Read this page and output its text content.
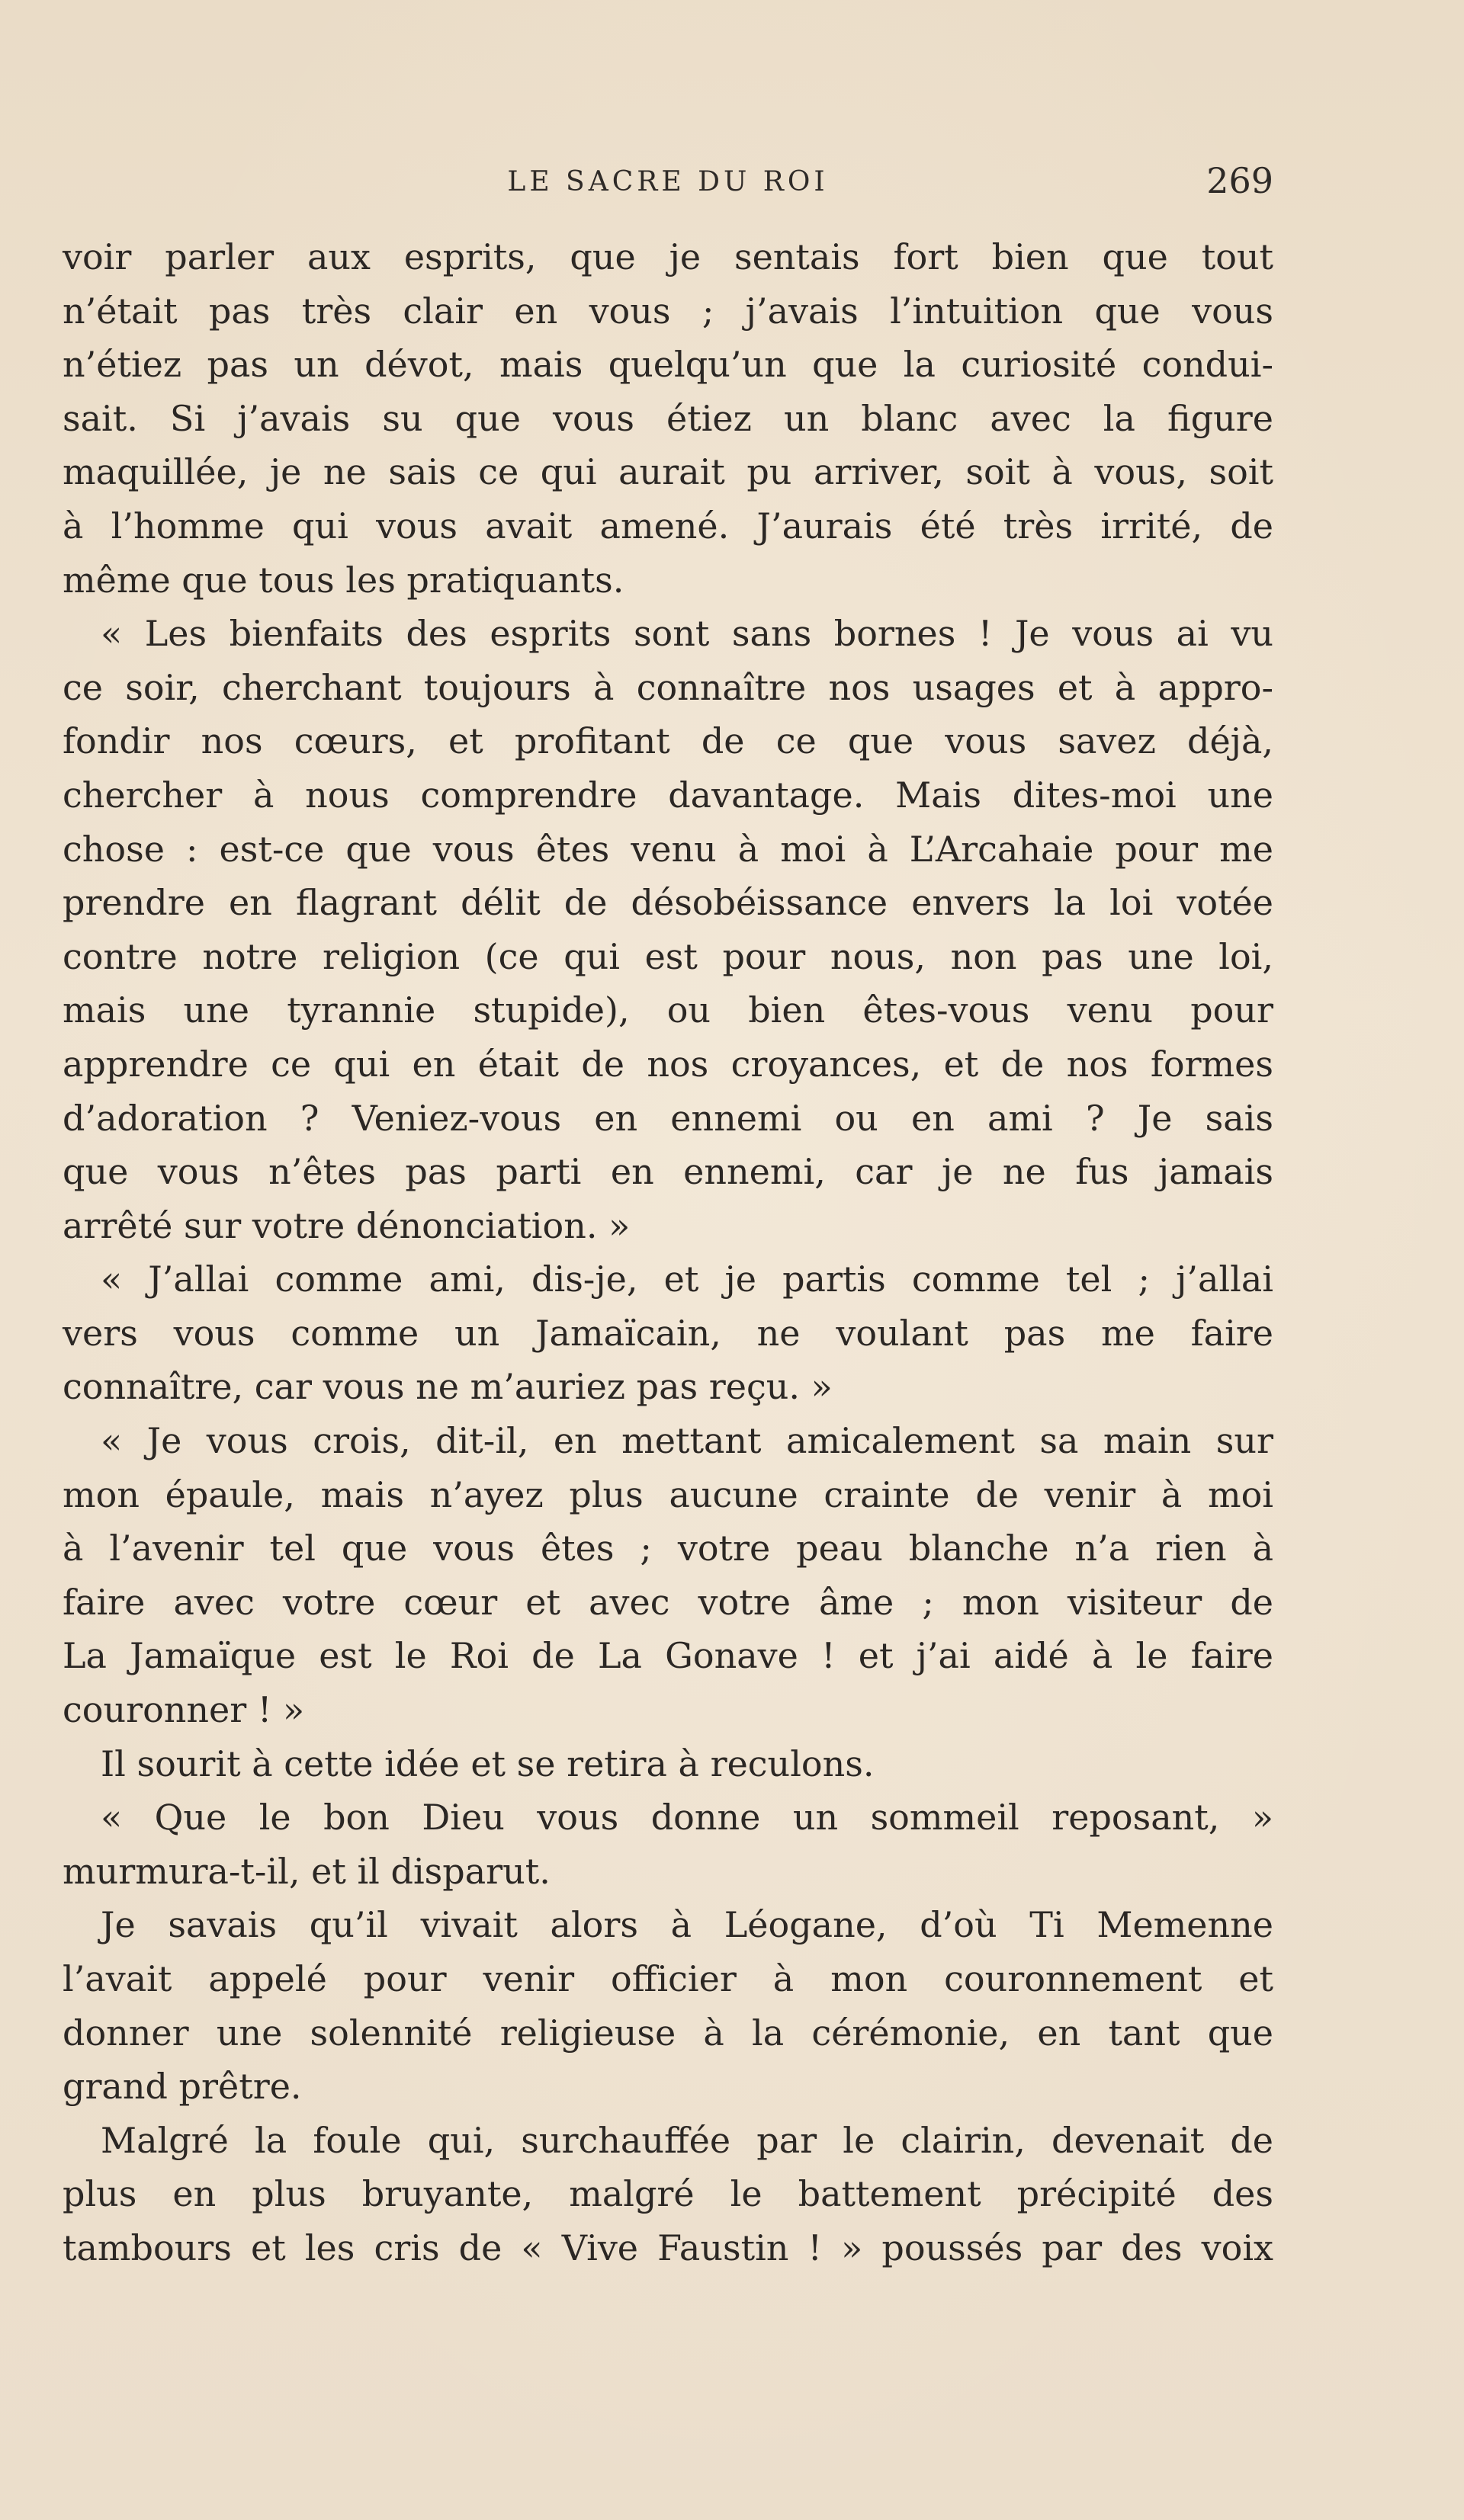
LE SACRE DU ROI	269
voir parler aux esprits, que je sentais fort bien que tout
n’était pas très clair en vous ; j’avais l’intuition que vous
n’étiez pas un dévot, mais quelqu’un que la curiosité condui-
sait. Si j’avais su que vous étiez un blanc avec la figure
maquillée, je ne sais ce qui aurait pu arriver, soit à vous, soit
à l’homme qui vous avait amené. J’aurais été très irrité, de
même que tous les pratiquants.
« Les bienfaits des esprits sont sans bornes ! Je vous ai vu
ce soir, cherchant toujours à connaître nos usages et à appro-
fondir nos cœurs, et profitant de ce que vous savez déjà,
chercher à nous comprendre davantage. Mais dites-moi une
chose : est-ce que vous êtes venu à moi à L’Arcahaie pour me
prendre en flagrant délit de désobéissance envers la loi votée
contre notre religion (ce qui est pour nous, non pas une loi,
mais une tyrannie stupide), ou bien êtes-vous venu pour
apprendre ce qui en était de nos croyances, et de nos formes
d’adoration ? Veniez-vous en ennemi ou en ami ? Je sais
que vous n’êtes pas parti en ennemi, car je ne fus jamais
arrêté sur votre dénonciation. »
« J’allai comme ami, dis-je, et je partis comme tel ; j’allai
vers vous comme un Jamaïcain, ne voulant pas me faire
connaître, car vous ne m’auriez pas reçu. »
« Je vous crois, dit-il, en mettant amicalement sa main sur
mon épaule, mais n’ayez plus aucune crainte de venir à moi
à l’avenir tel que vous êtes ; votre peau blanche n’a rien à
faire avec votre cœur et avec votre âme ; mon visiteur de
La Jamaïque est le Roi de La Gonave ! et j’ai aidé à le faire
couronner ! »
Il sourit à cette idée et se retira à reculons.
« Que le bon Dieu vous donne un sommeil reposant, »
murmura-t-il, et il disparut.
Je savais qu’il vivait alors à Léogane, d’où Ti Memenne
l’avait appelé pour venir officier à mon couronnement et
donner une solennité religieuse à la cérémonie, en tant que
grand prêtre.
Malgré la foule qui, surchauffée par le clairin, devenait de
plus en plus bruyante, malgré le battement précipité des
tambours et les cris de « Vive Faustin ! » poussés par des voix
